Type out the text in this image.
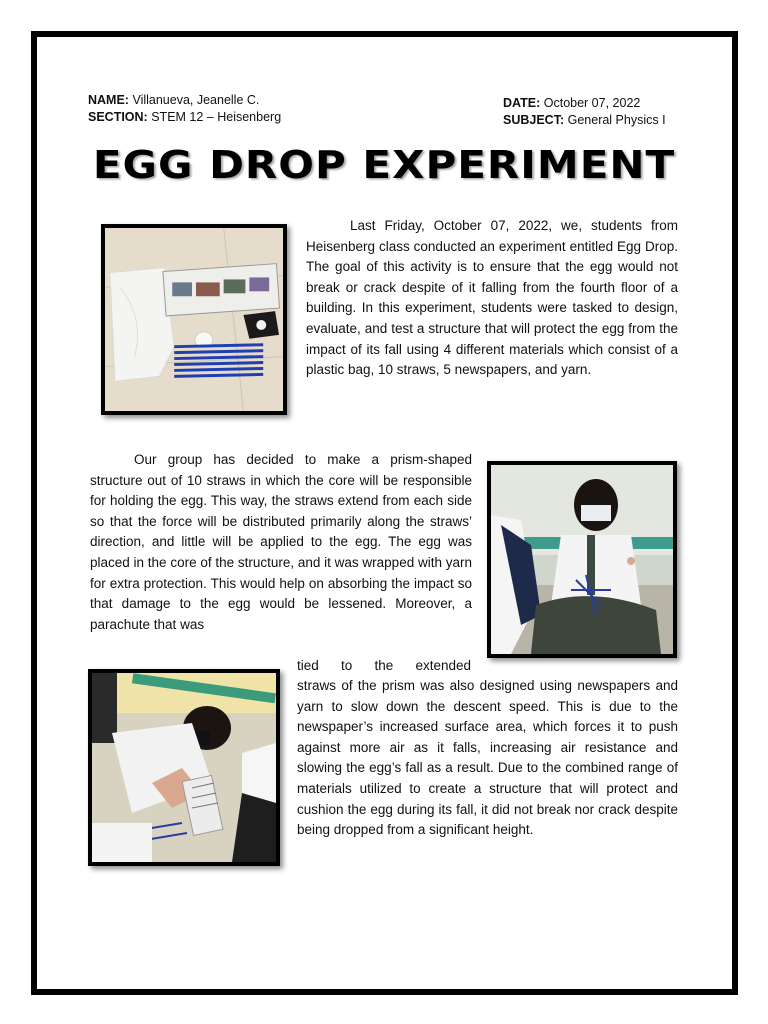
NAME: Villanueva, Jeanelle C.
SECTION: STEM 12 – Heisenberg
DATE: October 07, 2022
SUBJECT: General Physics I
EGG DROP EXPERIMENT
Last Friday, October 07, 2022, we, students from Heisenberg class conducted an experiment entitled Egg Drop. The goal of this activity is to ensure that the egg would not break or crack despite of it falling from the fourth floor of a building. In this experiment, students were tasked to design, evaluate, and test a structure that will protect the egg from the impact of its fall using 4 different materials which consist of a plastic bag, 10 straws, 5 newspapers, and yarn.
Our group has decided to make a prism-shaped structure out of 10 straws in which the core will be responsible for holding the egg. This way, the straws extend from each side so that the force will be distributed primarily along the straws’ direction, and little will be applied to the egg. The egg was placed in the core of the structure, and it was wrapped with yarn for extra protection. This would help on absorbing the impact so that damage to the egg would be lessened. Moreover, a parachute that was
tied to the extended
straws of the prism was also designed using newspapers and yarn to slow down the descent speed. This is due to the newspaper’s increased surface area, which forces it to push against more air as it falls, increasing air resistance and slowing the egg’s fall as a result. Due to the combined range of materials utilized to create a structure that will protect and cushion the egg during its fall, it did not break nor crack despite being dropped from a significant height.
